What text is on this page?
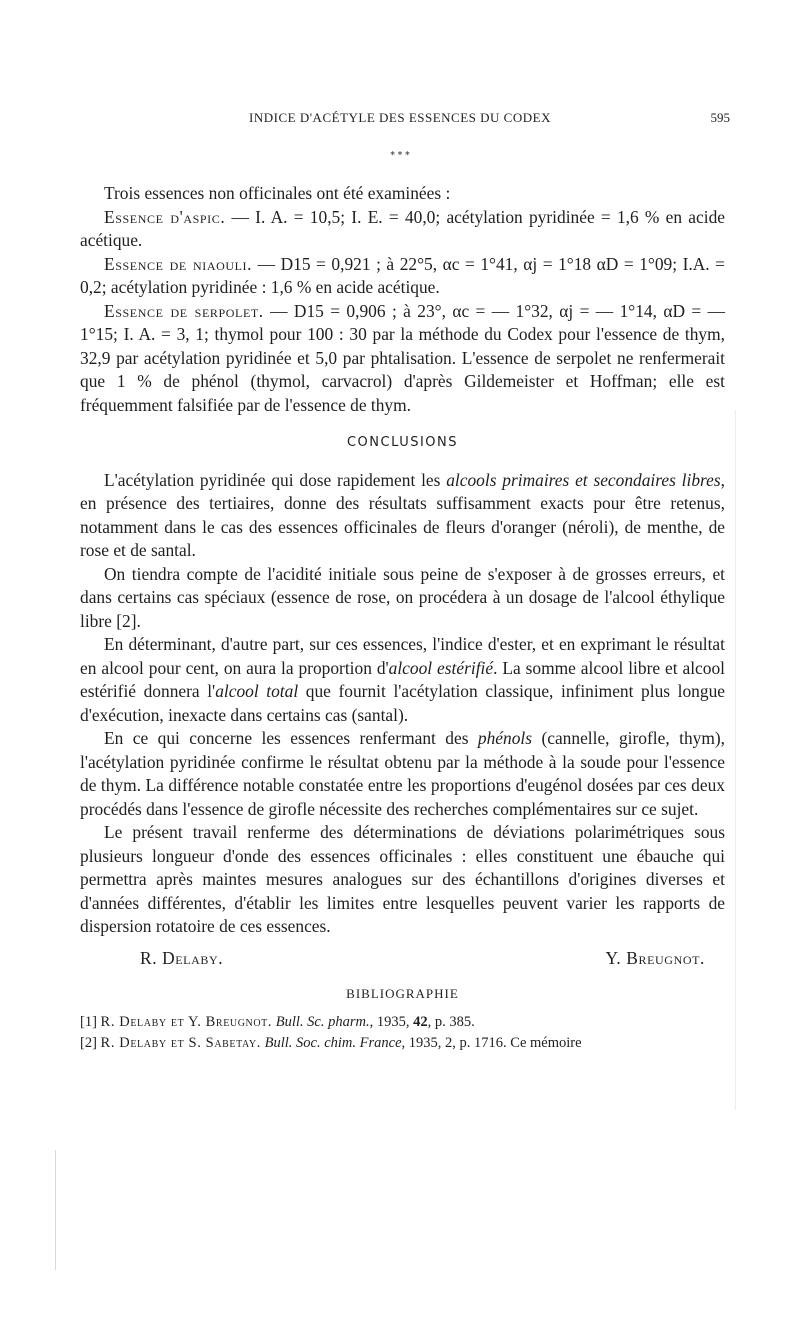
INDICE D'ACÉTYLE DES ESSENCES DU CODEX	595
* * *

Trois essences non officinales ont été examinées :

Essence d'aspic. — I. A. = 10,5; I. E. = 40,0; acétylation pyridinée = 1,6 % en acide acétique.

Essence de niaouli. — D15 = 0,921 ; à 22°5, αc = 1°41, αj = 1°18 αD = 1°09; I.A. = 0,2; acétylation pyridinée : 1,6 % en acide acétique.

Essence de serpolet. — D15 = 0,906 ; à 23°, αc = — 1°32, αj = — 1°14, αD = — 1°15; I. A. = 3, 1; thymol pour 100 : 30 par la méthode du Codex pour l'essence de thym, 32,9 par acétylation pyridinée et 5,0 par phtalisation. L'essence de serpolet ne renfermerait que 1 % de phénol (thymol, carvacrol) d'après Gildemeister et Hoffman; elle est fréquemment falsifiée par de l'essence de thym.

CONCLUSIONS

L'acétylation pyridinée qui dose rapidement les alcools primaires et secondaires libres, en présence des tertiaires, donne des résultats suffisamment exacts pour être retenus, notamment dans le cas des essences officinales de fleurs d'oranger (néroli), de menthe, de rose et de santal.

On tiendra compte de l'acidité initiale sous peine de s'exposer à de grosses erreurs, et dans certains cas spéciaux (essence de rose, on procédera à un dosage de l'alcool éthylique libre [2].

En déterminant, d'autre part, sur ces essences, l'indice d'ester, et en exprimant le résultat en alcool pour cent, on aura la proportion d'alcool estérifié. La somme alcool libre et alcool estérifié donnera l'alcool total que fournit l'acétylation classique, infiniment plus longue d'exécution, inexacte dans certains cas (santal).

En ce qui concerne les essences renfermant des phénols (cannelle, girofle, thym), l'acétylation pyridinée confirme le résultat obtenu par la méthode à la soude pour l'essence de thym. La différence notable constatée entre les proportions d'eugénol dosées par ces deux procédés dans l'essence de girofle nécessite des recherches complémentaires sur ce sujet.

Le présent travail renferme des déterminations de déviations polarimétriques sous plusieurs longueur d'onde des essences officinales : elles constituent une ébauche qui permettra après maintes mesures analogues sur des échantillons d'origines diverses et d'années différentes, d'établir les limites entre lesquelles peuvent varier les rapports de dispersion rotatoire de ces essences.

R. Delaby.	Y. Breugnot.
BIBLIOGRAPHIE
[1] R. Delaby et Y. Breugnot. Bull. Sc. pharm., 1935, 42, p. 385.
[2] R. Delaby et S. Sabetay. Bull. Soc. chim. France, 1935, 2, p. 1716. Ce mémoire
